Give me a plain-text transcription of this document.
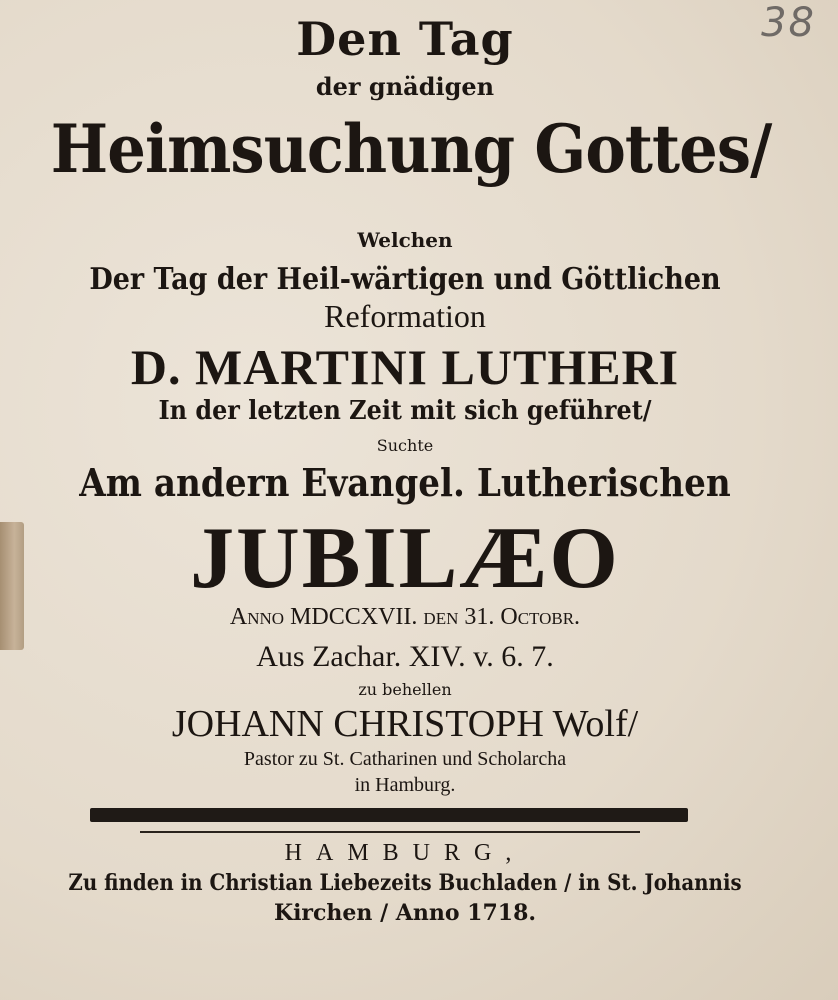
38
Den Tag
der gnädigen
Heimsuchung Gottes/
Welchen
Der Tag der Heil-wärtigen und Göttlichen
Reformation
D. MARTINI LUTHERI
In der letzten Zeit mit sich geführet/
Suchte
Am andern Evangel. Lutherischen
JUBILÆO
Anno MDCCXVII. den 31. Octobr.
Aus Zachar. XIV. v. 6. 7.
zu behellen
JOHANN CHRISTOPH Wolf/
Pastor zu St. Catharinen und Scholarcha
in Hamburg.
HAMBURG,
Zu finden in Christian Liebezeits Buchladen / in St. Johannis
Kirchen / Anno 1718.
